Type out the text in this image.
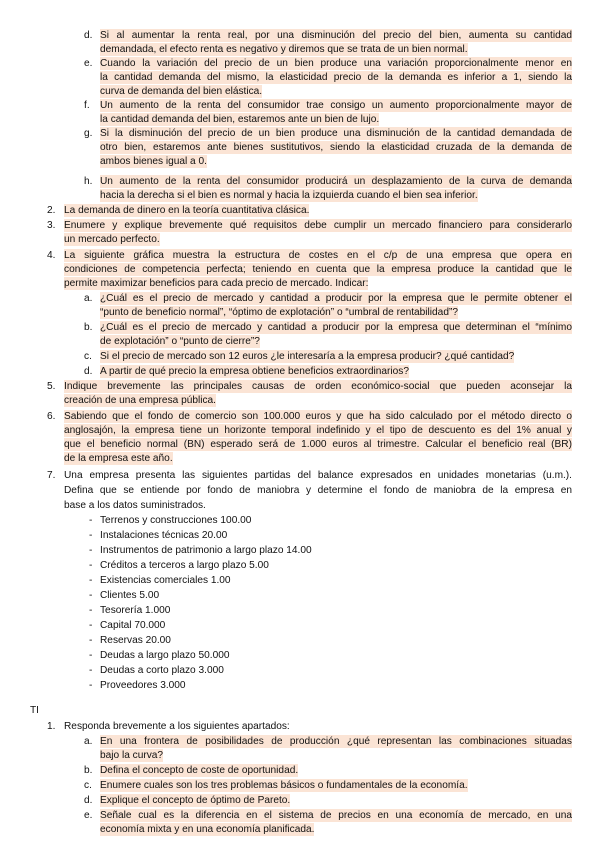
d. Si al aumentar la renta real, por una disminución del precio del bien, aumenta su cantidad
demandada, el efecto renta es negativo y diremos que se trata de un bien normal.
e. Cuando la variación del precio de un bien produce una variación proporcionalmente menor en
la cantidad demanda del mismo, la elasticidad precio de la demanda es inferior a 1, siendo la
curva de demanda del bien elástica.
f. Un aumento de la renta del consumidor trae consigo un aumento proporcionalmente mayor de
la cantidad demanda del bien, estaremos ante un bien de lujo.
g. Si la disminución del precio de un bien produce una disminución de la cantidad demandada de
otro bien, estaremos ante bienes sustitutivos, siendo la elasticidad cruzada de la demanda de
ambos bienes igual a 0.
h. Un aumento de la renta del consumidor producirá un desplazamiento de la curva de demanda
hacia la derecha si el bien es normal y hacia la izquierda cuando el bien sea inferior.
2. La demanda de dinero en la teoría cuantitativa clásica.
3. Enumere y explique brevemente qué requisitos debe cumplir un mercado financiero para considerarlo
un mercado perfecto.
4. La siguiente gráfica muestra la estructura de costes en el c/p de una empresa que opera en
condiciones de competencia perfecta; teniendo en cuenta que la empresa produce la cantidad que le
permite maximizar beneficios para cada precio de mercado. Indicar:
a. ¿Cuál es el precio de mercado y cantidad a producir por la empresa que le permite obtener el
“punto de beneficio normal”, “óptimo de explotación” o “umbral de rentabilidad”?
b. ¿Cuál es el precio de mercado y cantidad a producir por la empresa que determinan el “mínimo
de explotación” o “punto de cierre”?
c. Si el precio de mercado son 12 euros ¿le interesaría a la empresa producir? ¿qué cantidad?
d. A partir de qué precio la empresa obtiene beneficios extraordinarios?
5. Indique brevemente las principales causas de orden económico-social que pueden aconsejar la
creación de una empresa pública.
6. Sabiendo que el fondo de comercio son 100.000 euros y que ha sido calculado por el método directo o
anglosajón, la empresa tiene un horizonte temporal indefinido y el tipo de descuento es del 1% anual y
que el beneficio normal (BN) esperado será de 1.000 euros al trimestre. Calcular el beneficio real (BR)
de la empresa este año.
7. Una empresa presenta las siguientes partidas del balance expresados en unidades monetarias (u.m.).
Defina que se entiende por fondo de maniobra y determine el fondo de maniobra de la empresa en
base a los datos suministrados.
- Terrenos y construcciones 100.00
- Instalaciones técnicas 20.00
- Instrumentos de patrimonio a largo plazo 14.00
- Créditos a terceros a largo plazo 5.00
- Existencias comerciales 1.00
- Clientes 5.00
- Tesorería 1.000
- Capital 70.000
- Reservas 20.00
- Deudas a largo plazo 50.000
- Deudas a corto plazo 3.000
- Proveedores 3.000
TI
1. Responda brevemente a los siguientes apartados:
a. En una frontera de posibilidades de producción ¿qué representan las combinaciones situadas
bajo la curva?
b. Defina el concepto de coste de oportunidad.
c. Enumere cuales son los tres problemas básicos o fundamentales de la economía.
d. Explique el concepto de óptimo de Pareto.
e. Señale cual es la diferencia en el sistema de precios en una economía de mercado, en una
economía mixta y en una economía planificada.
